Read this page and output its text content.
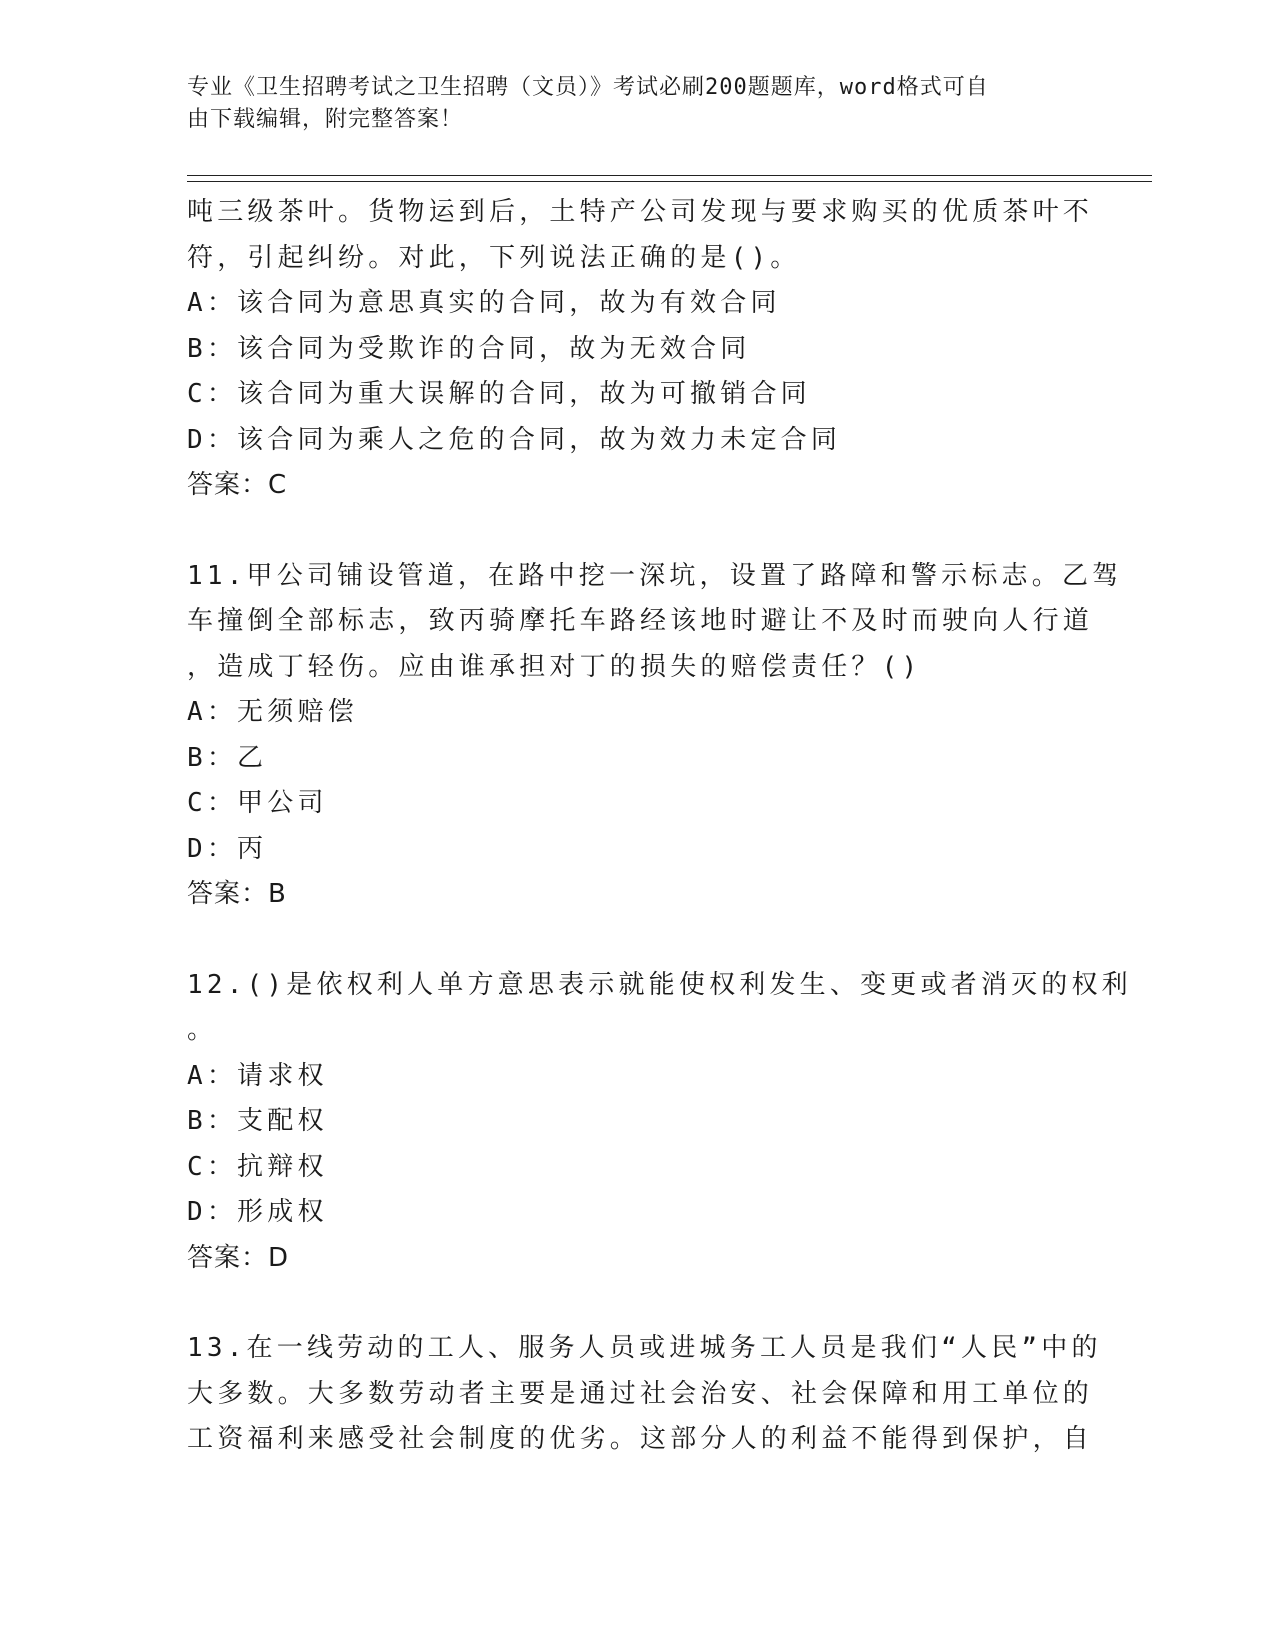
专业《卫生招聘考试之卫生招聘（文员）》考试必刷200题题库，word格式可自
由下载编辑，附完整答案！
吨三级茶叶。货物运到后，土特产公司发现与要求购买的优质茶叶不
符，引起纠纷。对此，下列说法正确的是()。
A：该合同为意思真实的合同，故为有效合同
B：该合同为受欺诈的合同，故为无效合同
C：该合同为重大误解的合同，故为可撤销合同
D：该合同为乘人之危的合同，故为效力未定合同
答案：C
11.甲公司铺设管道，在路中挖一深坑，设置了路障和警示标志。乙驾
车撞倒全部标志，致丙骑摩托车路经该地时避让不及时而驶向人行道
，造成丁轻伤。应由谁承担对丁的损失的赔偿责任？()
A：无须赔偿
B：乙
C：甲公司
D：丙
答案：B
12.()是依权利人单方意思表示就能使权利发生、变更或者消灭的权利
。
A：请求权
B：支配权
C：抗辩权
D：形成权
答案：D
13.在一线劳动的工人、服务人员或进城务工人员是我们“人民”中的
大多数。大多数劳动者主要是通过社会治安、社会保障和用工单位的
工资福利来感受社会制度的优劣。这部分人的利益不能得到保护，自
